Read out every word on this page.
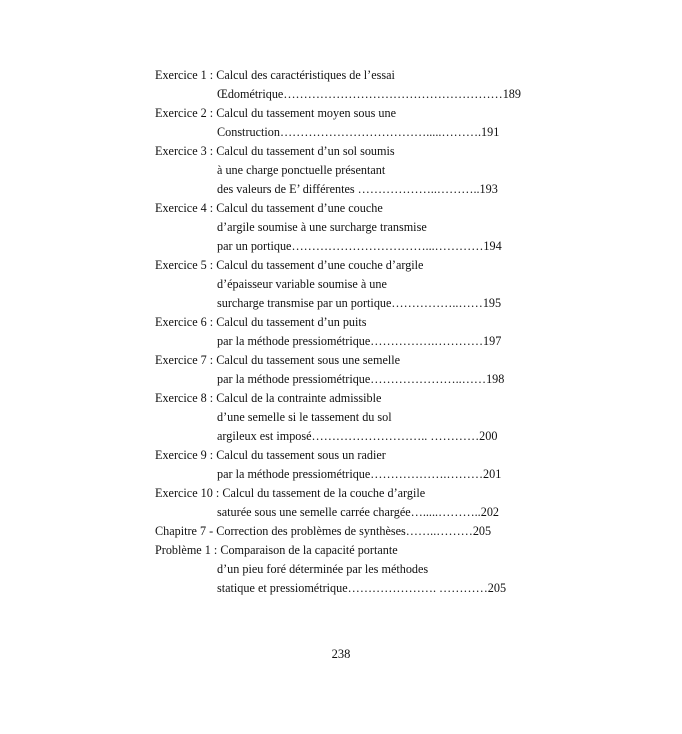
Exercice 1 : Calcul des caractéristiques de l’essai
Œdométrique………………………………………………189
Exercice 2 : Calcul du tassement moyen sous une
Construction……………………………….....……….191
Exercice 3 : Calcul du tassement d’un sol soumis
à une charge ponctuelle présentant
des valeurs de E’ différentes ………………..………..193
Exercice 4 : Calcul du tassement d’une couche
d’argile soumise à une surcharge transmise
par un portique……………………………...…………194
Exercice 5 : Calcul du tassement d’une couche d’argile
d’épaisseur variable soumise à une
surcharge transmise par un portique……………..……195
Exercice 6 : Calcul du tassement d’un puits
par la méthode pressiométrique…………….…………197
Exercice 7 : Calcul du tassement sous une semelle
par la méthode pressiométrique…………………..……198
Exercice 8 : Calcul de la contrainte admissible
d’une semelle si le tassement du sol
argileux est imposé……………………….. …………200
Exercice 9 : Calcul du tassement sous un radier
par la méthode pressiométrique……………….………201
Exercice 10 : Calcul du tassement de la couche d’argile
saturée sous une semelle carrée chargée….....………..202
Chapitre 7 - Correction des problèmes de synthèses……..………205
Problème 1 : Comparaison de la capacité portante
d’un pieu foré déterminée par les méthodes
statique et pressiométrique…………………. …………205
238
